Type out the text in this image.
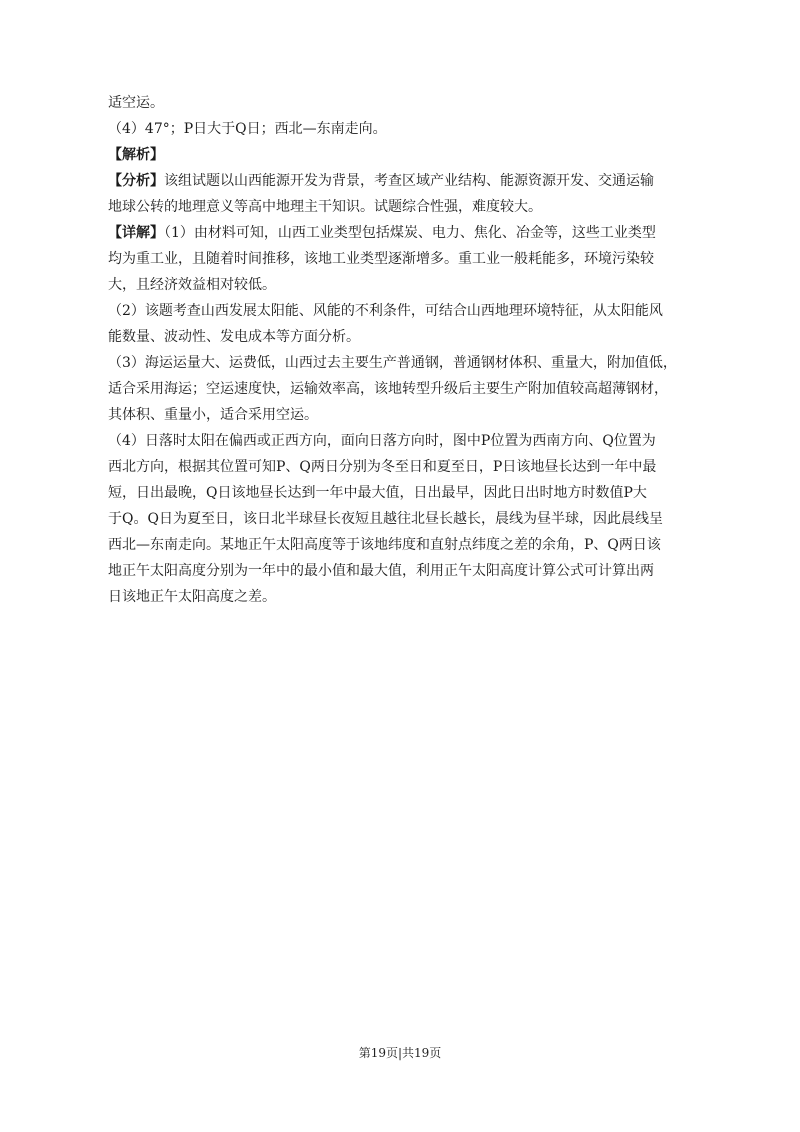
适空运。

（4）47°；P日大于Q日；西北—东南走向。

【解析】

【分析】该组试题以山西能源开发为背景，考查区域产业结构、能源资源开发、交通运输

地球公转的地理意义等高中地理主干知识。试题综合性强，难度较大。

【详解】（1）由材料可知，山西工业类型包括煤炭、电力、焦化、冶金等，这些工业类型

均为重工业，且随着时间推移，该地工业类型逐渐增多。重工业一般耗能多，环境污染较

大，且经济效益相对较低。

（2）该题考查山西发展太阳能、风能的不利条件，可结合山西地理环境特征，从太阳能风

能数量、波动性、发电成本等方面分析。

（3）海运运量大、运费低，山西过去主要生产普通钢，普通钢材体积、重量大，附加值低，

适合采用海运；空运速度快，运输效率高，该地转型升级后主要生产附加值较高超薄钢材，

其体积、重量小，适合采用空运。

（4）日落时太阳在偏西或正西方向，面向日落方向时，图中P位置为西南方向、Q位置为

西北方向，根据其位置可知P、Q两日分别为冬至日和夏至日，P日该地昼长达到一年中最

短，日出最晚，Q日该地昼长达到一年中最大值，日出最早，因此日出时地方时数值P大

于Q。Q日为夏至日，该日北半球昼长夜短且越往北昼长越长，晨线为昼半球，因此晨线呈

西北—东南走向。某地正午太阳高度等于该地纬度和直射点纬度之差的余角，P、Q两日该

地正午太阳高度分别为一年中的最小值和最大值，利用正午太阳高度计算公式可计算出两

日该地正午太阳高度之差。

第19页|共19页
